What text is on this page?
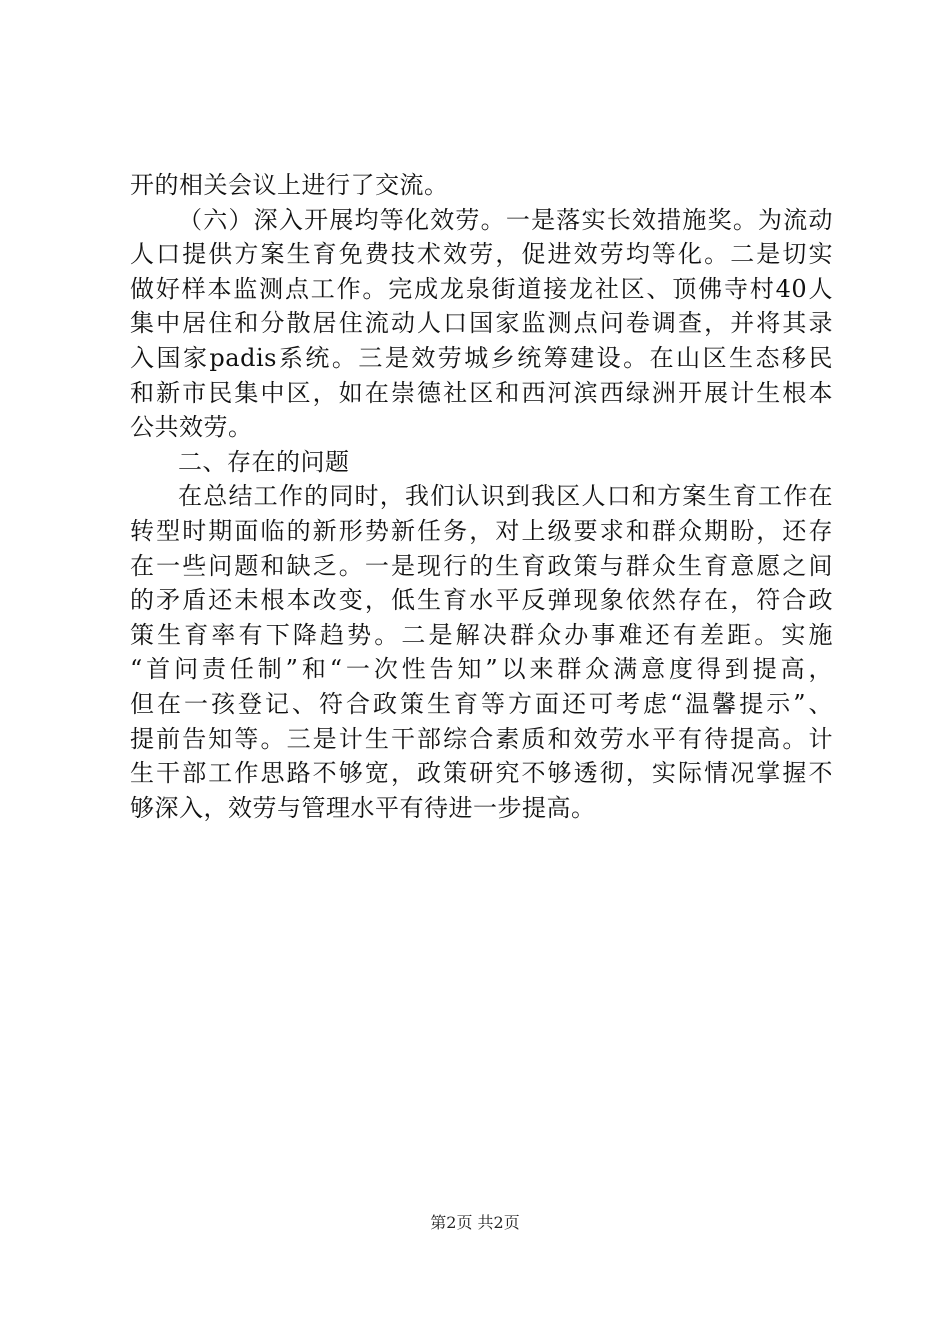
开的相关会议上进行了交流。
（六）深入开展均等化效劳。一是落实长效措施奖。为流动
人口提供方案生育免费技术效劳，促进效劳均等化。二是切实
做好样本监测点工作。完成龙泉街道接龙社区、顶佛寺村40人
集中居住和分散居住流动人口国家监测点问卷调查，并将其录
入国家padis系统。三是效劳城乡统筹建设。在山区生态移民
和新市民集中区，如在崇德社区和西河滨西绿洲开展计生根本
公共效劳。
二、存在的问题
在总结工作的同时，我们认识到我区人口和方案生育工作在
转型时期面临的新形势新任务，对上级要求和群众期盼，还存
在一些问题和缺乏。一是现行的生育政策与群众生育意愿之间
的矛盾还未根本改变，低生育水平反弹现象依然存在，符合政
策生育率有下降趋势。二是解决群众办事难还有差距。实施
“首问责任制”和“一次性告知”以来群众满意度得到提高，
但在一孩登记、符合政策生育等方面还可考虑“温馨提示”、
提前告知等。三是计生干部综合素质和效劳水平有待提高。计
生干部工作思路不够宽，政策研究不够透彻，实际情况掌握不
够深入，效劳与管理水平有待进一步提高。
第2页 共2页
